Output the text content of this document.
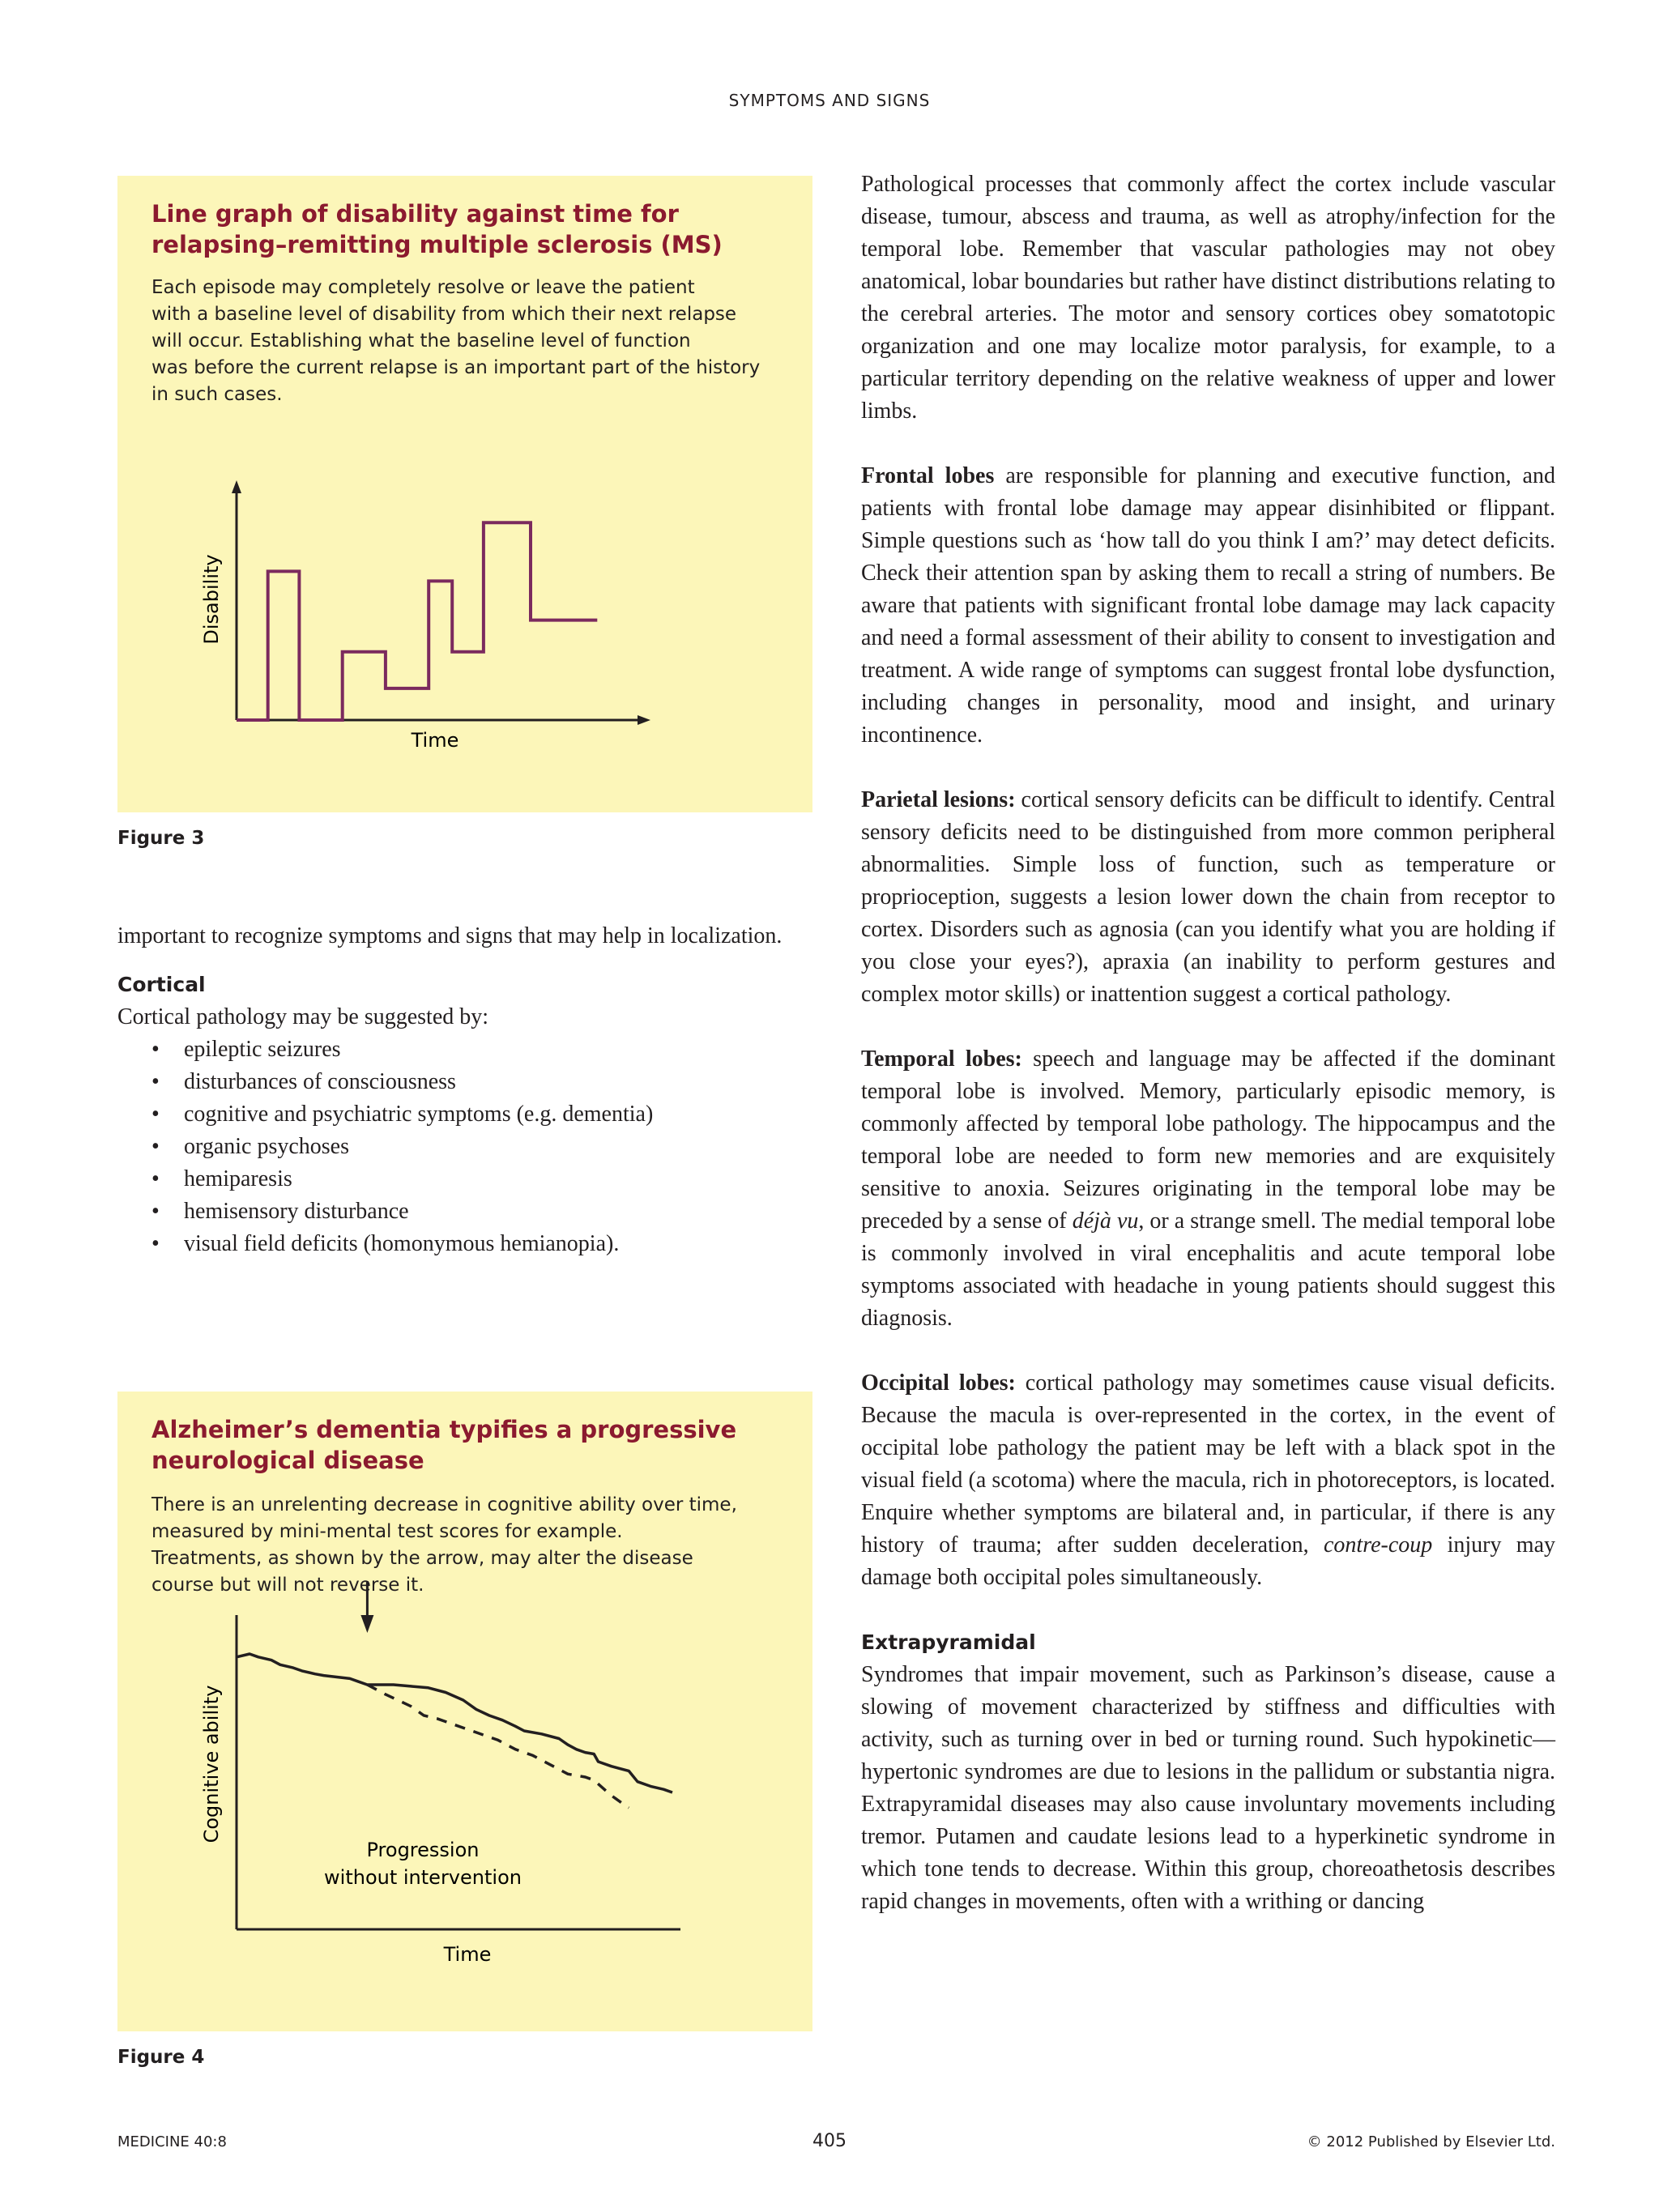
SYMPTOMS AND SIGNS
Line graph of disability against time for relapsing–remitting multiple sclerosis (MS)
Each episode may completely resolve or leave the patient
with a baseline level of disability from which their next relapse
will occur. Establishing what the baseline level of function
was before the current relapse is an important part of the history
in such cases.
Disability
Time
Figure 3
important to recognize symptoms and signs that may help in localization.
Cortical
Cortical pathology may be suggested by:
• epileptic seizures
• disturbances of consciousness
• cognitive and psychiatric symptoms (e.g. dementia)
• organic psychoses
• hemiparesis
• hemisensory disturbance
• visual field deficits (homonymous hemianopia).
Alzheimer’s dementia typifies a progressive neurological disease
There is an unrelenting decrease in cognitive ability over time,
measured by mini-mental test scores for example.
Treatments, as shown by the arrow, may alter the disease
course but will not reverse it.
Cognitive ability
Time
Progression
without intervention
Figure 4
Pathological processes that commonly affect the cortex include vascular disease, tumour, abscess and trauma, as well as atrophy/infection for the temporal lobe. Remember that vascular pathologies may not obey anatomical, lobar boundaries but rather have distinct distributions relating to the cerebral arteries. The motor and sensory cortices obey somatotopic organization and one may localize motor paralysis, for example, to a particular territory depending on the relative weakness of upper and lower limbs.
Frontal lobes are responsible for planning and executive function, and patients with frontal lobe damage may appear disinhibited or flippant. Simple questions such as ‘how tall do you think I am?’ may detect deficits. Check their attention span by asking them to recall a string of numbers. Be aware that patients with significant frontal lobe damage may lack capacity and need a formal assessment of their ability to consent to investigation and treatment. A wide range of symptoms can suggest frontal lobe dysfunction, including changes in personality, mood and insight, and urinary incontinence.
Parietal lesions: cortical sensory deficits can be difficult to identify. Central sensory deficits need to be distinguished from more common peripheral abnormalities. Simple loss of function, such as temperature or proprioception, suggests a lesion lower down the chain from receptor to cortex. Disorders such as agnosia (can you identify what you are holding if you close your eyes?), apraxia (an inability to perform gestures and complex motor skills) or inattention suggest a cortical pathology.
Temporal lobes: speech and language may be affected if the dominant temporal lobe is involved. Memory, particularly episodic memory, is commonly affected by temporal lobe pathology. The hippocampus and the temporal lobe are needed to form new memories and are exquisitely sensitive to anoxia. Seizures originating in the temporal lobe may be preceded by a sense of déjà vu, or a strange smell. The medial temporal lobe is commonly involved in viral encephalitis and acute temporal lobe symptoms associated with headache in young patients should suggest this diagnosis.
Occipital lobes: cortical pathology may sometimes cause visual deficits. Because the macula is over-represented in the cortex, in the event of occipital lobe pathology the patient may be left with a black spot in the visual field (a scotoma) where the macula, rich in photoreceptors, is located. Enquire whether symptoms are bilateral and, in particular, if there is any history of trauma; after sudden deceleration, contre-coup injury may damage both occipital poles simultaneously.
Extrapyramidal
Syndromes that impair movement, such as Parkinson’s disease, cause a slowing of movement characterized by stiffness and difficulties with activity, such as turning over in bed or turning round. Such hypokinetic—hypertonic syndromes are due to lesions in the pallidum or substantia nigra. Extrapyramidal diseases may also cause involuntary movements including tremor. Putamen and caudate lesions lead to a hyperkinetic syndrome in which tone tends to decrease. Within this group, choreoathetosis describes rapid changes in movements, often with a writhing or dancing
MEDICINE 40:8	405	© 2012 Published by Elsevier Ltd.
